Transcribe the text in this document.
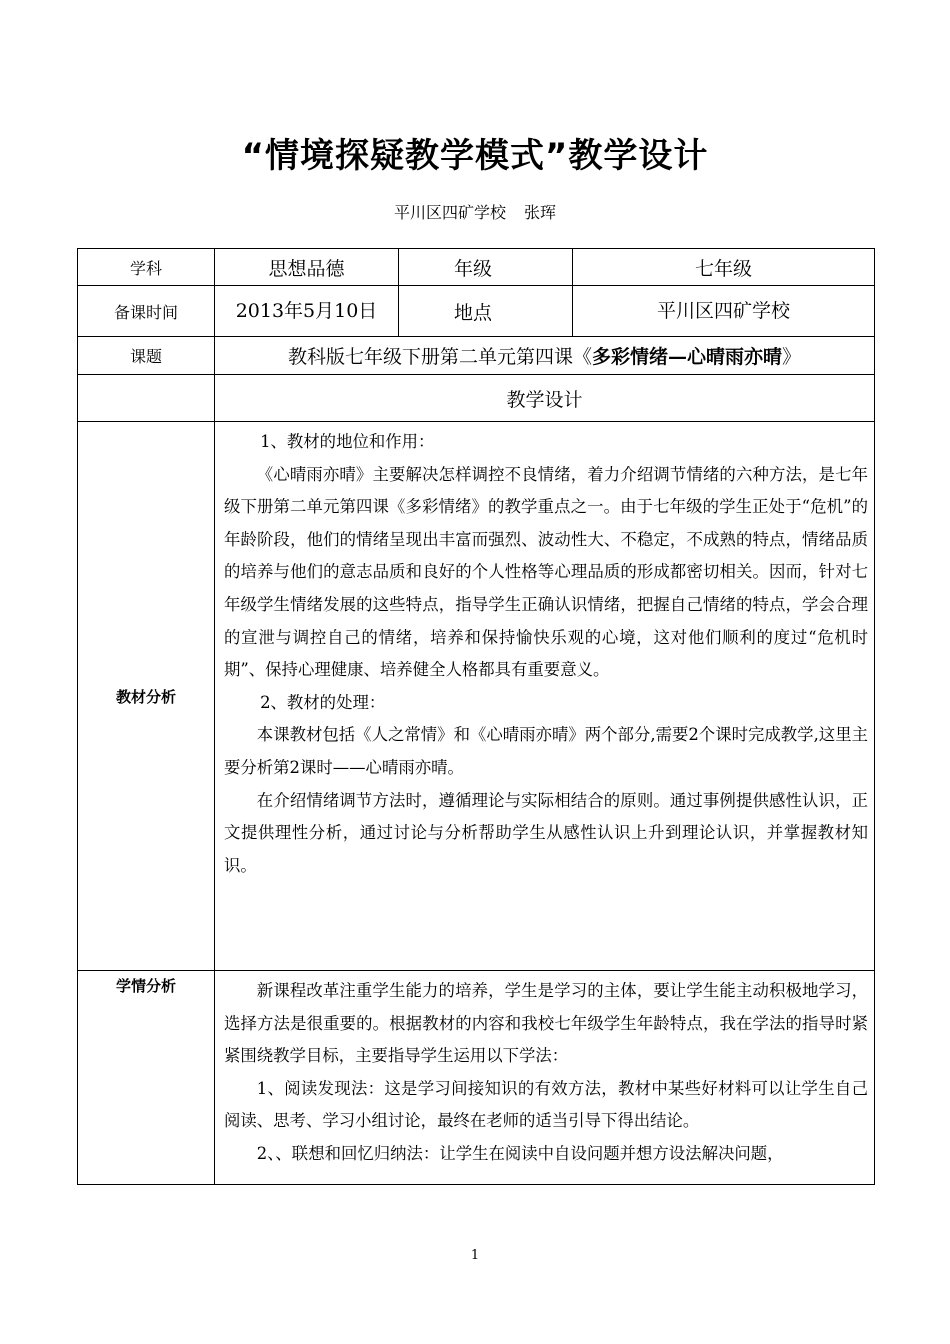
“情境探疑教学模式”教学设计
平川区四矿学校 张珲
学科	思想品德	年级	七年级
备课时间	2013年5月10日	地点	平川区四矿学校
课题	教科版七年级下册第二单元第四课《多彩情绪—心晴雨亦晴》		
	教学设计		
教材分析	1、教材的地位和作用：

《心晴雨亦晴》主要解决怎样调控不良情绪，着力介绍调节情绪的六种方法，是七年级下册第二单元第四课《多彩情绪》的教学重点之一。由于七年级的学生正处于“危机”的年龄阶段，他们的情绪呈现出丰富而强烈、波动性大、不稳定，不成熟的特点，情绪品质的培养与他们的意志品质和良好的个人性格等心理品质的形成都密切相关。因而，针对七年级学生情绪发展的这些特点，指导学生正确认识情绪，把握自己情绪的特点，学会合理的宣泄与调控自己的情绪，培养和保持愉快乐观的心境，这对他们顺利的度过“危机时期”、保持心理健康、培养健全人格都具有重要意义。

2、教材的处理：

本课教材包括《人之常情》和《心晴雨亦晴》两个部分,需要2个课时完成教学,这里主要分析第2课时——心晴雨亦晴。

在介绍情绪调节方法时，遵循理论与实际相结合的原则。通过事例提供感性认识，正文提供理性分析，通过讨论与分析帮助学生从感性认识上升到理论认识，并掌握教材知识。		

学情分析	新课程改革注重学生能力的培养，学生是学习的主体，要让学生能主动积极地学习，选择方法是很重要的。根据教材的内容和我校七年级学生年龄特点，我在学法的指导时紧紧围绕教学目标，主要指导学生运用以下学法：

1、阅读发现法：这是学习间接知识的有效方法，教材中某些好材料可以让学生自己阅读、思考、学习小组讨论，最终在老师的适当引导下得出结论。

2、、联想和回忆归纳法：让学生在阅读中自设问题并想方设法解决问题，		

1
